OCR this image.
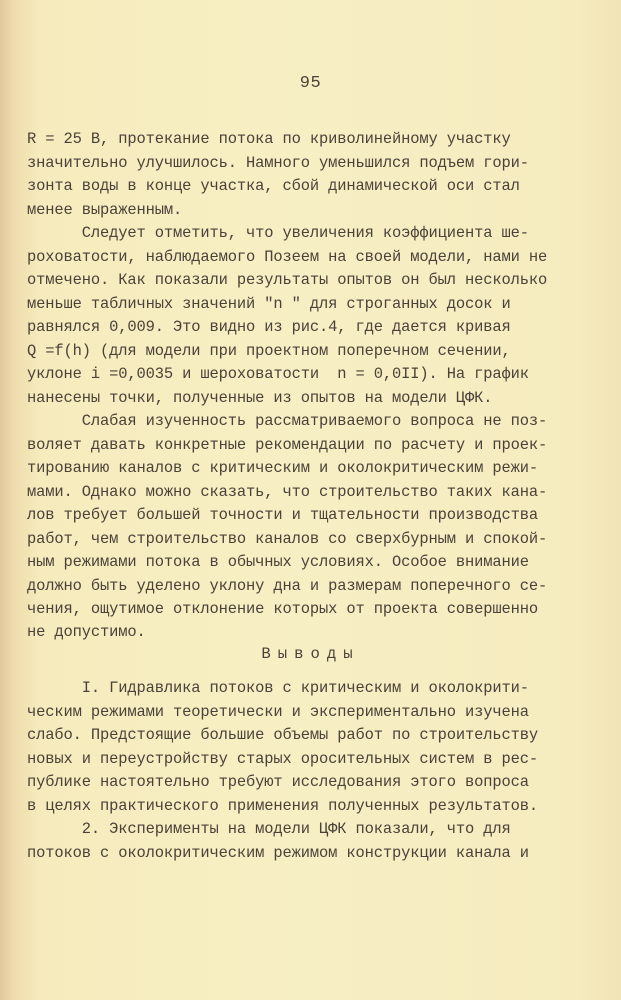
95
R = 25 В, протекание потока по криволинейному участку
значительно улучшилось. Намного уменьшился подъем гори-
зонта воды в конце участка, сбой динамической оси стал
менее выраженным.
Следует отметить, что увеличения коэффициента ше-
роховатости, наблюдаемого Позеем на своей модели, нами не
отмечено. Как показали результаты опытов он был несколько
меньше табличных значений "n " для строганных досок и
равнялся 0,009. Это видно из рис.4, где дается кривая
Q =f(h) (для модели при проектном поперечном сечении,
уклоне i =0,0035 и шероховатости  n = 0,0II). На график
нанесены точки, полученные из опытов на модели ЦФК.
Слабая изученность рассматриваемого вопроса не поз-
воляет давать конкретные рекомендации по расчету и проек-
тированию каналов с критическим и околокритическим режи-
мами. Однако можно сказать, что строительство таких кана-
лов требует большей точности и тщательности производства
работ, чем строительство каналов со сверхбурным и спокой-
ным режимами потока в обычных условиях. Особое внимание
должно быть уделено уклону дна и размерам поперечного се-
чения, ощутимое отклонение которых от проекта совершенно
не допустимо.
Выводы
I. Гидравлика потоков с критическим и околокрити-
ческим режимами теоретически и экспериментально изучена
слабо. Предстоящие большие объемы работ по строительству
новых и переустройству старых оросительных систем в рес-
публике настоятельно требуют исследования этого вопроса
в целях практического применения полученных результатов.
2. Эксперименты на модели ЦФК показали, что для
потоков с околокритическим режимом конструкции канала и
